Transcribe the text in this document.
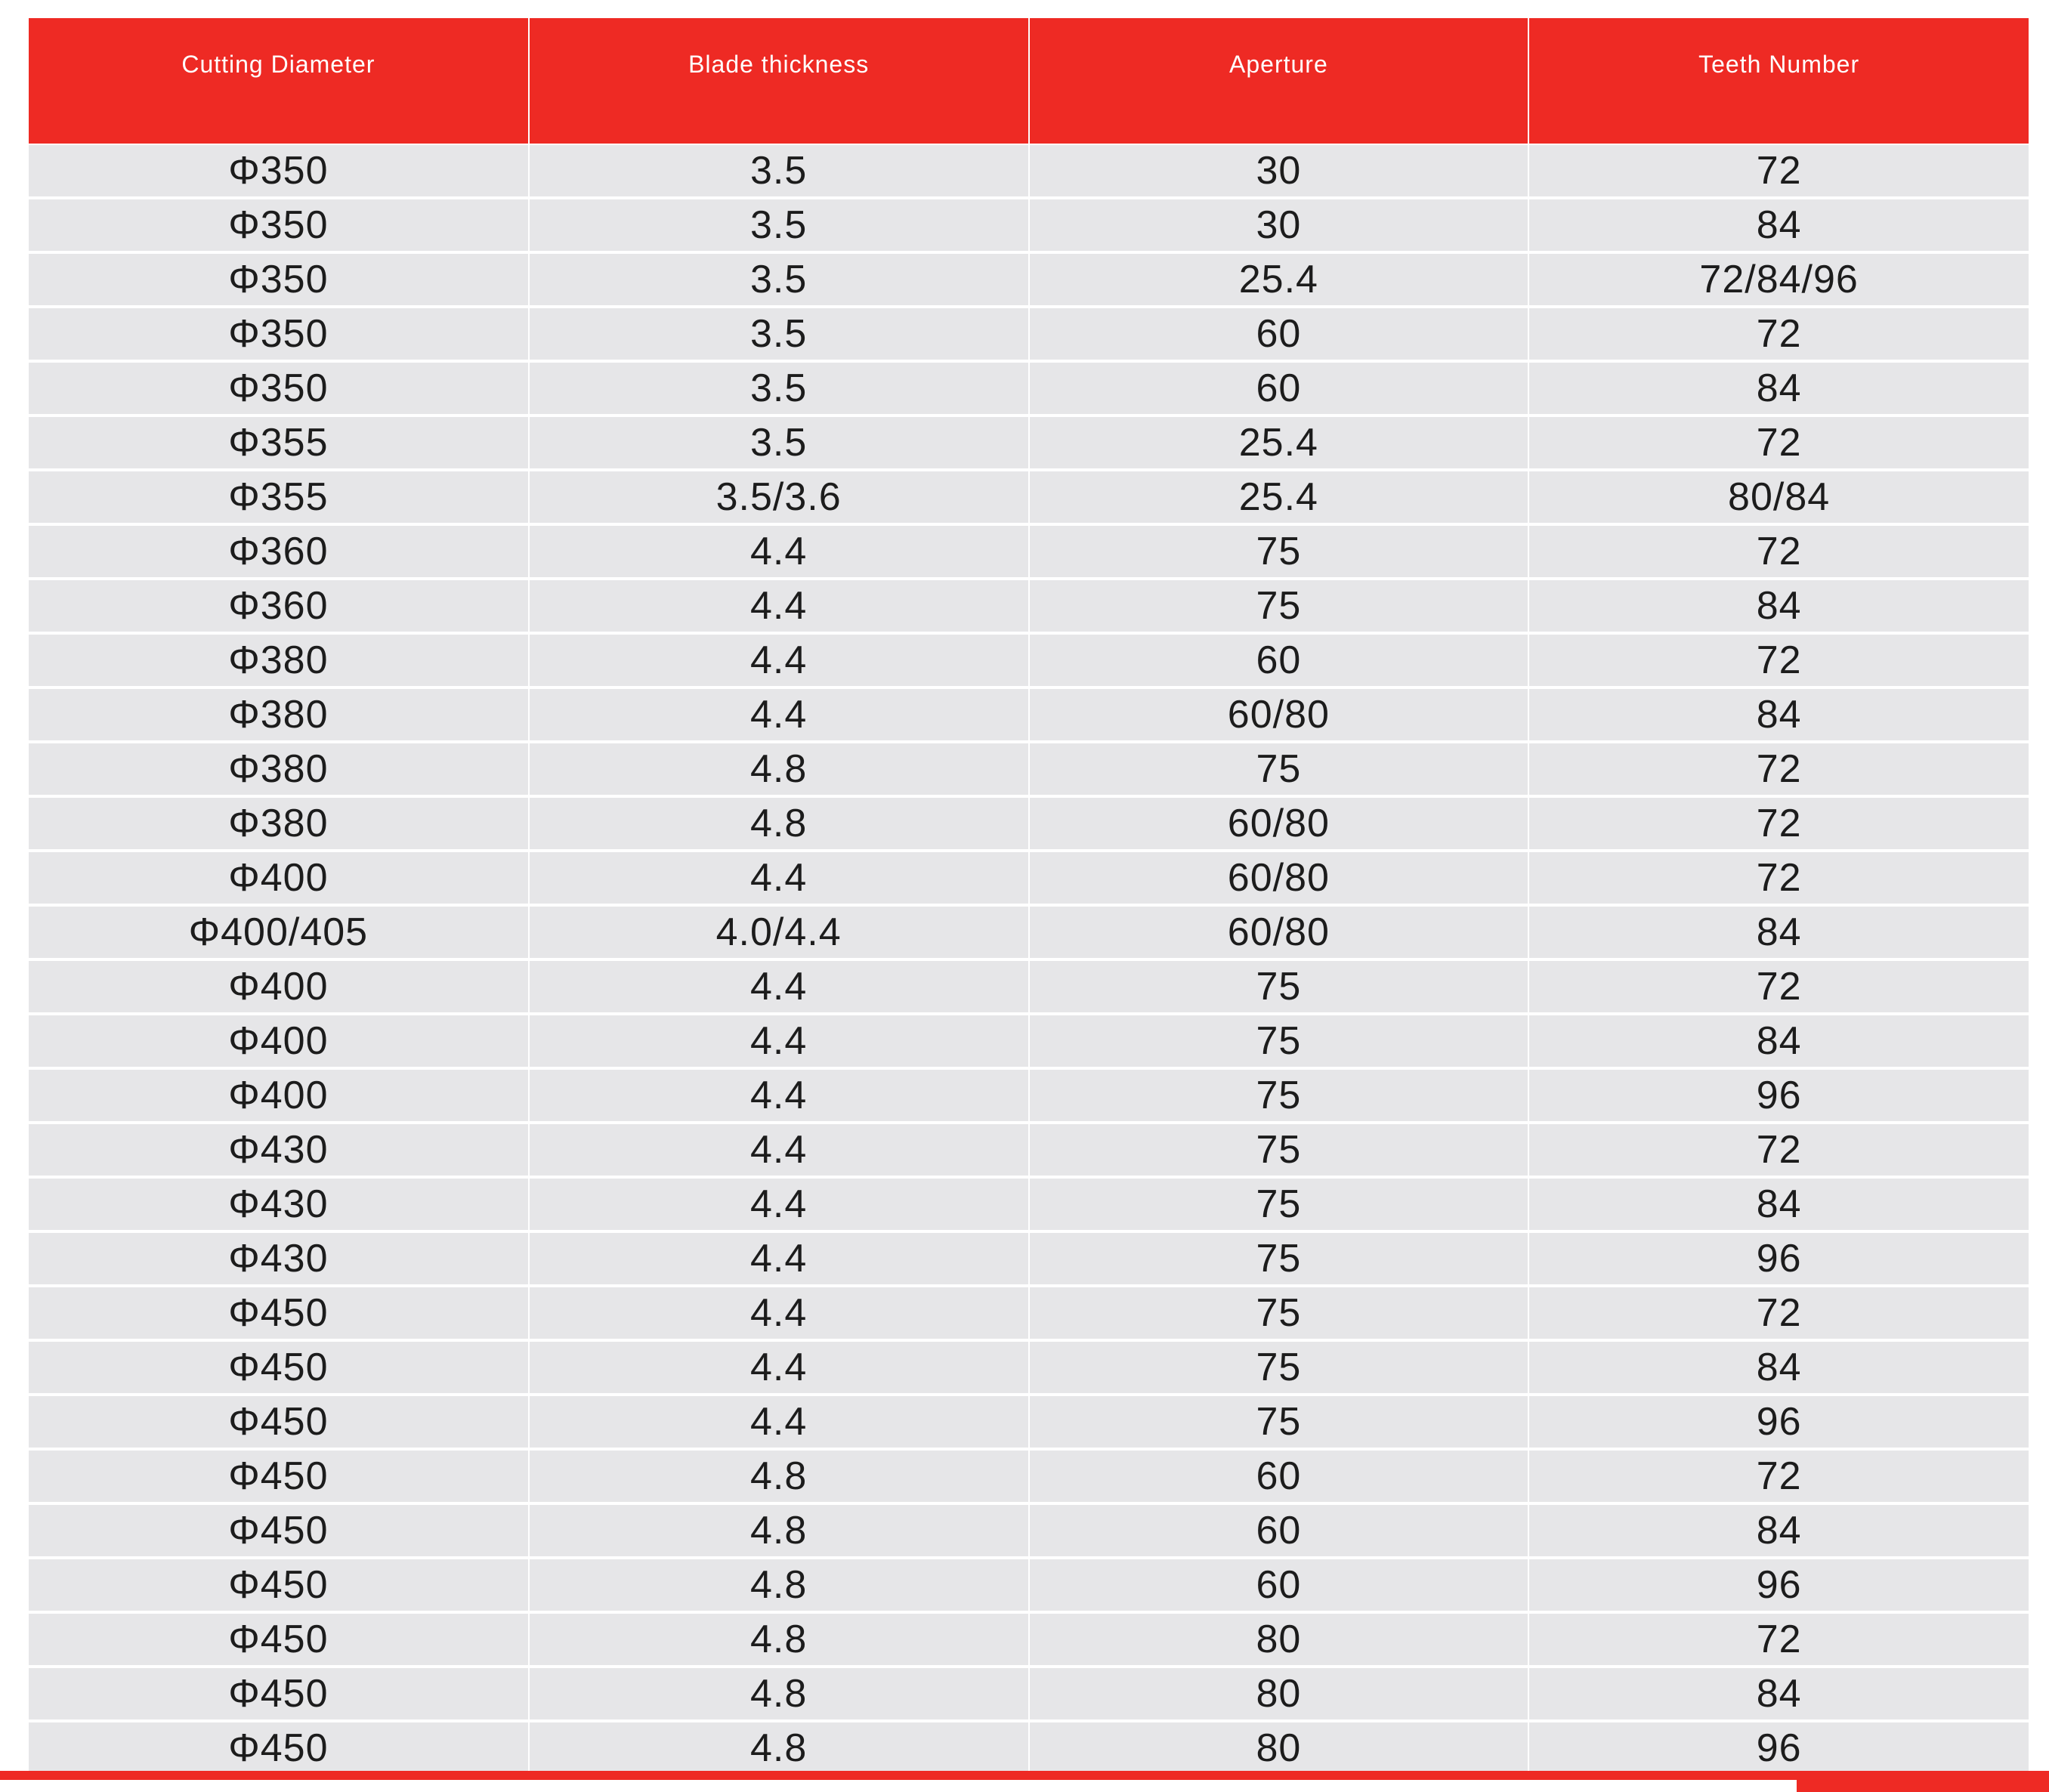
Cutting Diameter	Blade thickness	Aperture	Teeth Number
Φ350	3.5	30	72
Φ350	3.5	30	84
Φ350	3.5	25.4	72/84/96
Φ350	3.5	60	72
Φ350	3.5	60	84
Φ355	3.5	25.4	72
Φ355	3.5/3.6	25.4	80/84
Φ360	4.4	75	72
Φ360	4.4	75	84
Φ380	4.4	60	72
Φ380	4.4	60/80	84
Φ380	4.8	75	72
Φ380	4.8	60/80	72
Φ400	4.4	60/80	72
Φ400/405	4.0/4.4	60/80	84
Φ400	4.4	75	72
Φ400	4.4	75	84
Φ400	4.4	75	96
Φ430	4.4	75	72
Φ430	4.4	75	84
Φ430	4.4	75	96
Φ450	4.4	75	72
Φ450	4.4	75	84
Φ450	4.4	75	96
Φ450	4.8	60	72
Φ450	4.8	60	84
Φ450	4.8	60	96
Φ450	4.8	80	72
Φ450	4.8	80	84
Φ450	4.8	80	96
